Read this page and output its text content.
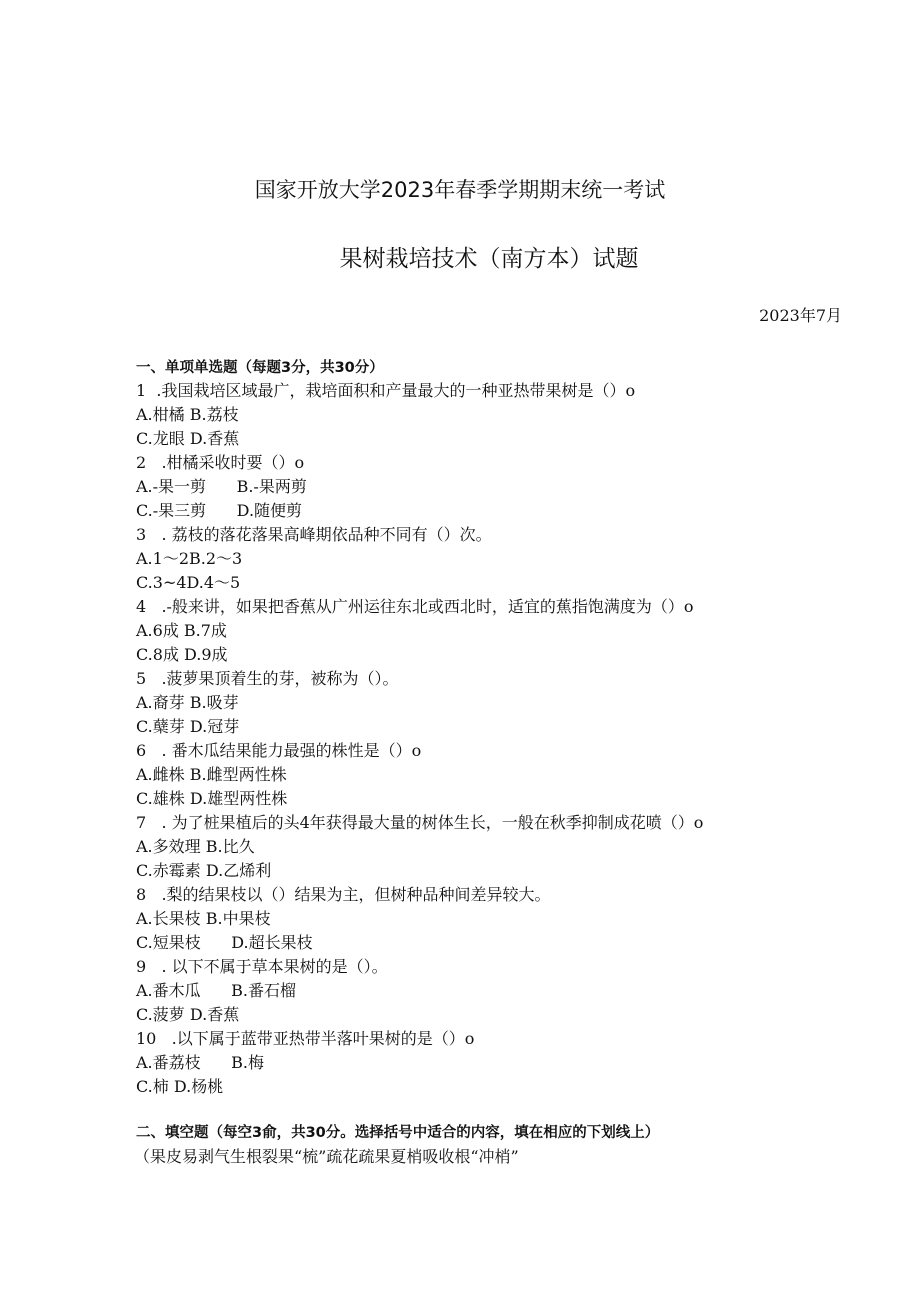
国家开放大学2023年春季学期期末统一考试
果树栽培技术（南方本）试题
2023年7月
一、单项单选题（每题3分，共30分）
1  .我国栽培区域最广，栽培面积和产量最大的一种亚热带果树是（）o
A.柑橘 B.荔枝
C.龙眼 D.香蕉
2   .柑橘采收时要（）o
A.-果一剪      B.-果两剪
C.-果三剪      D.随便剪
3   . 荔枝的落花落果高峰期依品种不同有（）次。
A.1〜2B.2〜3
C.3~4D.4〜5
4   .-般来讲，如果把香蕉从广州运往东北或西北时，适宜的蕉指饱满度为（）o
A.6成 B.7成
C.8成 D.9成
5   .菠萝果顶着生的芽，被称为（）。
A.裔芽 B.吸芽
C.蘖芽 D.冠芽
6   . 番木瓜结果能力最强的株性是（）o
A.雌株 B.雌型两性株
C.雄株 D.雄型两性株
7   . 为了桩果植后的头4年获得最大量的树体生长，一般在秋季抑制成花喷（）o
A.多效理 B.比久
C.赤霉素 D.乙烯利
8   .梨的结果枝以（）结果为主，但树种品种间差异较大。
A.长果枝 B.中果枝
C.短果枝      D.超长果枝
9   . 以下不属于草本果树的是（）。
A.番木瓜      B.番石榴
C.菠萝 D.香蕉
10   .以下属于蓝带亚热带半落叶果树的是（）o
A.番荔枝      B.梅
C.柿 D.杨桃
二、填空题（每空3俞，共30分。选择括号中适合的内容，填在相应的下划线上）
（果皮易剥气生根裂果“梳”疏花疏果夏梢吸收根“冲梢”
